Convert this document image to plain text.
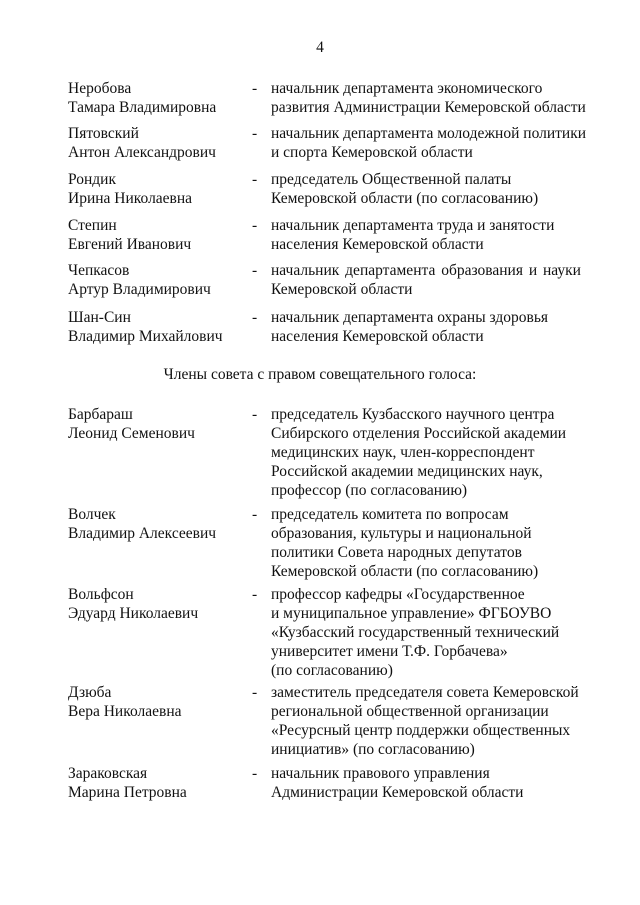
4
Неробова
Тамара Владимировна
- начальник департамента экономического
развития Администрации Кемеровской области
Пятовский
Антон Александрович
- начальник департамента молодежной политики
и спорта Кемеровской области
Рондик
Ирина Николаевна
- председатель Общественной палаты
Кемеровской области (по согласованию)
Степин
Евгений Иванович
- начальник департамента труда и занятости
населения Кемеровской области
Чепкасов
Артур Владимирович
- начальник департамента образования и науки
Кемеровской области
Шан-Син
Владимир Михайлович
- начальник департамента охраны здоровья
населения Кемеровской области
Члены совета с правом совещательного голоса:
Барбараш
Леонид Семенович
- председатель Кузбасского научного центра
Сибирского отделения Российской академии
медицинских наук, член-корреспондент
Российской академии медицинских наук,
профессор (по согласованию)
Волчек
Владимир Алексеевич
- председатель комитета по вопросам
образования, культуры и национальной
политики Совета народных депутатов
Кемеровской области (по согласованию)
Вольфсон
Эдуард Николаевич
- профессор кафедры «Государственное
и муниципальное управление» ФГБОУВО
«Кузбасский государственный технический
университет имени Т.Ф. Горбачева»
(по согласованию)
Дзюба
Вера Николаевна
- заместитель председателя совета Кемеровской
региональной общественной организации
«Ресурсный центр поддержки общественных
инициатив» (по согласованию)
Зараковская
Марина Петровна
- начальник правового управления
Администрации Кемеровской области
